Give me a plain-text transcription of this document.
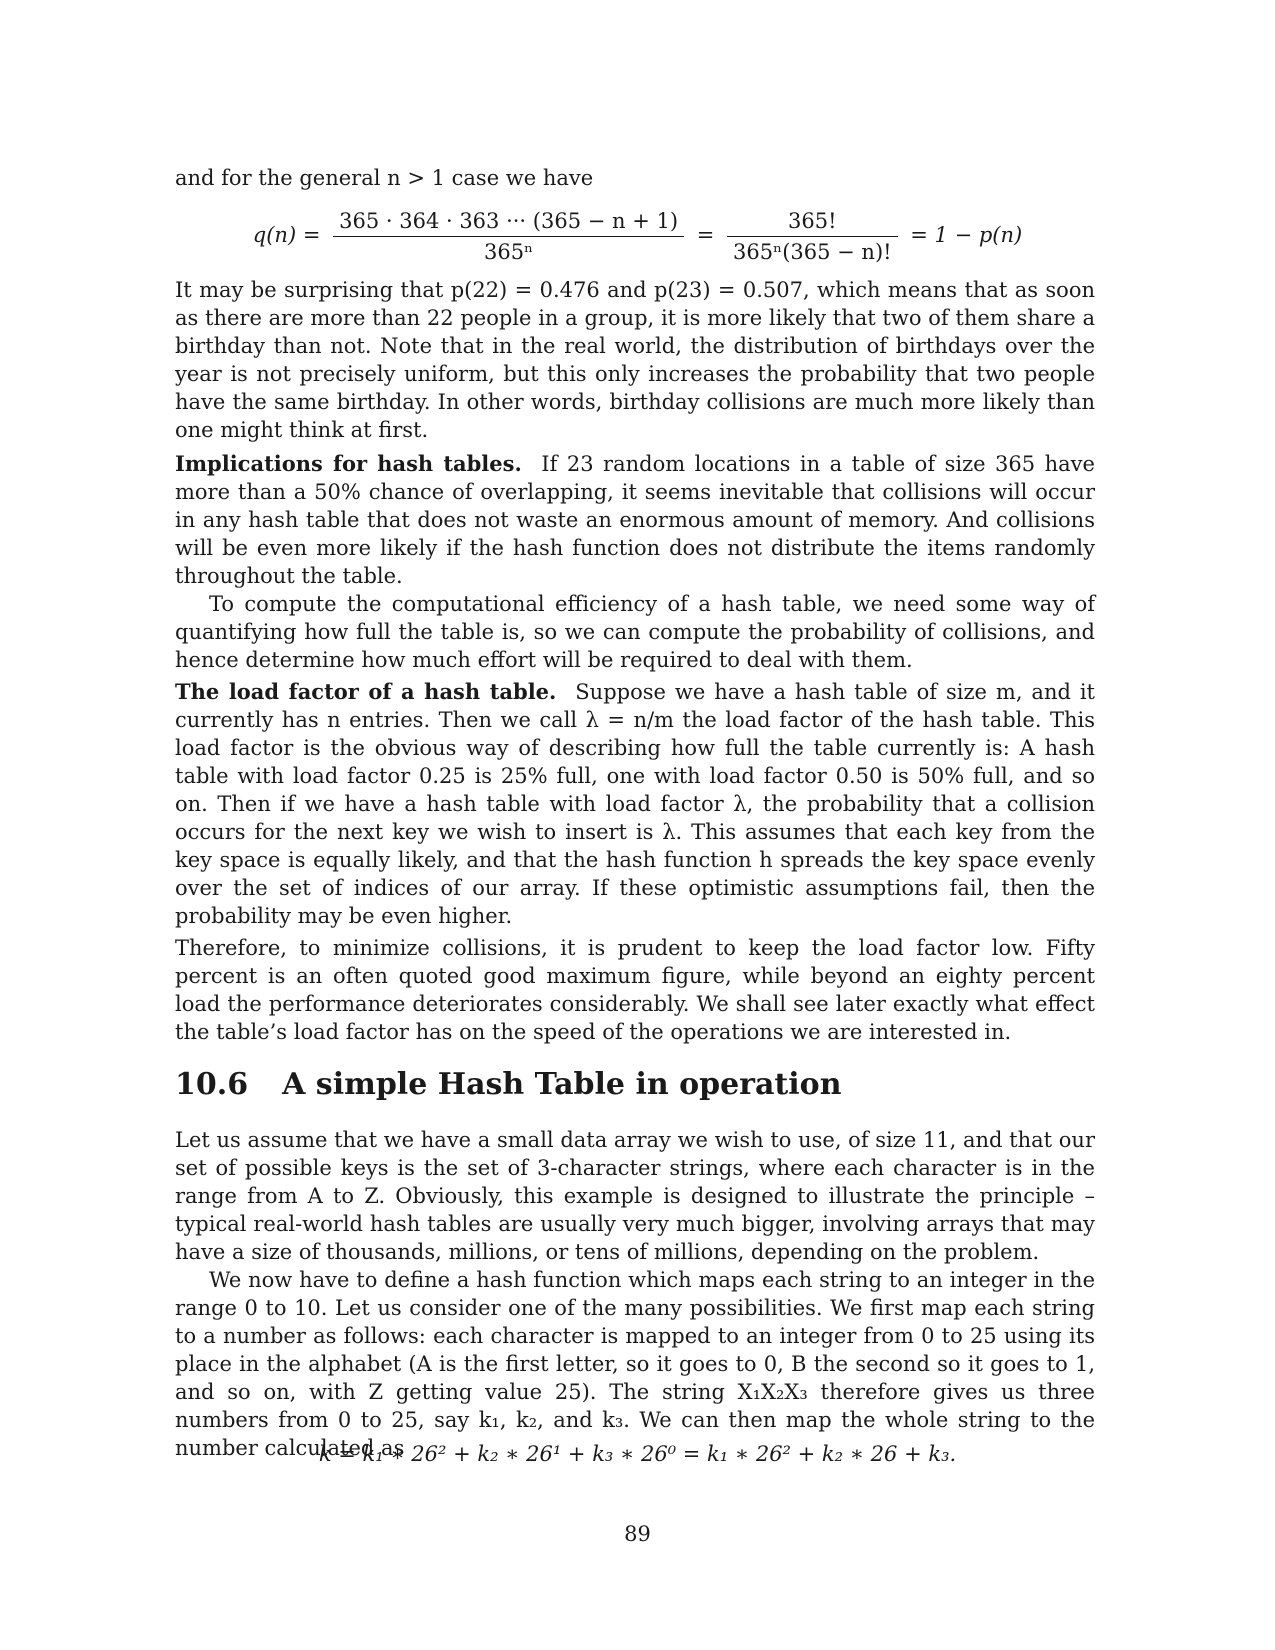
and for the general n > 1 case we have
$q(n) = \frac{365 \cdot 364 \cdot 363 \cdot\cdot\cdot (365 - n + 1)}{\text{365ⁿ}} = \frac{365!}{\text{365ⁿ(365 − n)!}} = 1 - p(n)$
It may be surprising that p(22) = 0.476 and p(23) = 0.507, which means that as soon as there are more than 22 people in a group, it is more likely that two of them share a birthday than not. Note that in the real world, the distribution of birthdays over the year is not precisely uniform, but this only increases the probability that two people have the same birthday. In other words, birthday collisions are much more likely than one might think at first.
Implications for hash tables. If 23 random locations in a table of size 365 have more than a 50% chance of overlapping, it seems inevitable that collisions will occur in any hash table that does not waste an enormous amount of memory. And collisions will be even more likely if the hash function does not distribute the items randomly throughout the table.
To compute the computational efficiency of a hash table, we need some way of quantifying how full the table is, so we can compute the probability of collisions, and hence determine how much effort will be required to deal with them.
The load factor of a hash table. Suppose we have a hash table of size m, and it currently has n entries. Then we call λ = n/m the load factor of the hash table. This load factor is the obvious way of describing how full the table currently is: A hash table with load factor 0.25 is 25% full, one with load factor 0.50 is 50% full, and so on. Then if we have a hash table with load factor λ, the probability that a collision occurs for the next key we wish to insert is λ. This assumes that each key from the key space is equally likely, and that the hash function h spreads the key space evenly over the set of indices of our array. If these optimistic assumptions fail, then the probability may be even higher.
Therefore, to minimize collisions, it is prudent to keep the load factor low. Fifty percent is an often quoted good maximum figure, while beyond an eighty percent load the performance deteriorates considerably. We shall see later exactly what effect the table’s load factor has on the speed of the operations we are interested in.
10.6 A simple Hash Table in operation
Let us assume that we have a small data array we wish to use, of size 11, and that our set of possible keys is the set of 3-character strings, where each character is in the range from A to Z. Obviously, this example is designed to illustrate the principle – typical real-world hash tables are usually very much bigger, involving arrays that may have a size of thousands, millions, or tens of millions, depending on the problem.
We now have to define a hash function which maps each string to an integer in the range 0 to 10. Let us consider one of the many possibilities. We first map each string to a number as follows: each character is mapped to an integer from 0 to 25 using its place in the alphabet (A is the first letter, so it goes to 0, B the second so it goes to 1, and so on, with Z getting value 25). The string X₁X₂X₃ therefore gives us three numbers from 0 to 25, say k₁, k₂, and k₃. We can then map the whole string to the number calculated as
k = k₁ ∗ 26² + k₂ ∗ 26¹ + k₃ ∗ 26⁰ = k₁ ∗ 26² + k₂ ∗ 26 + k₃.
89
